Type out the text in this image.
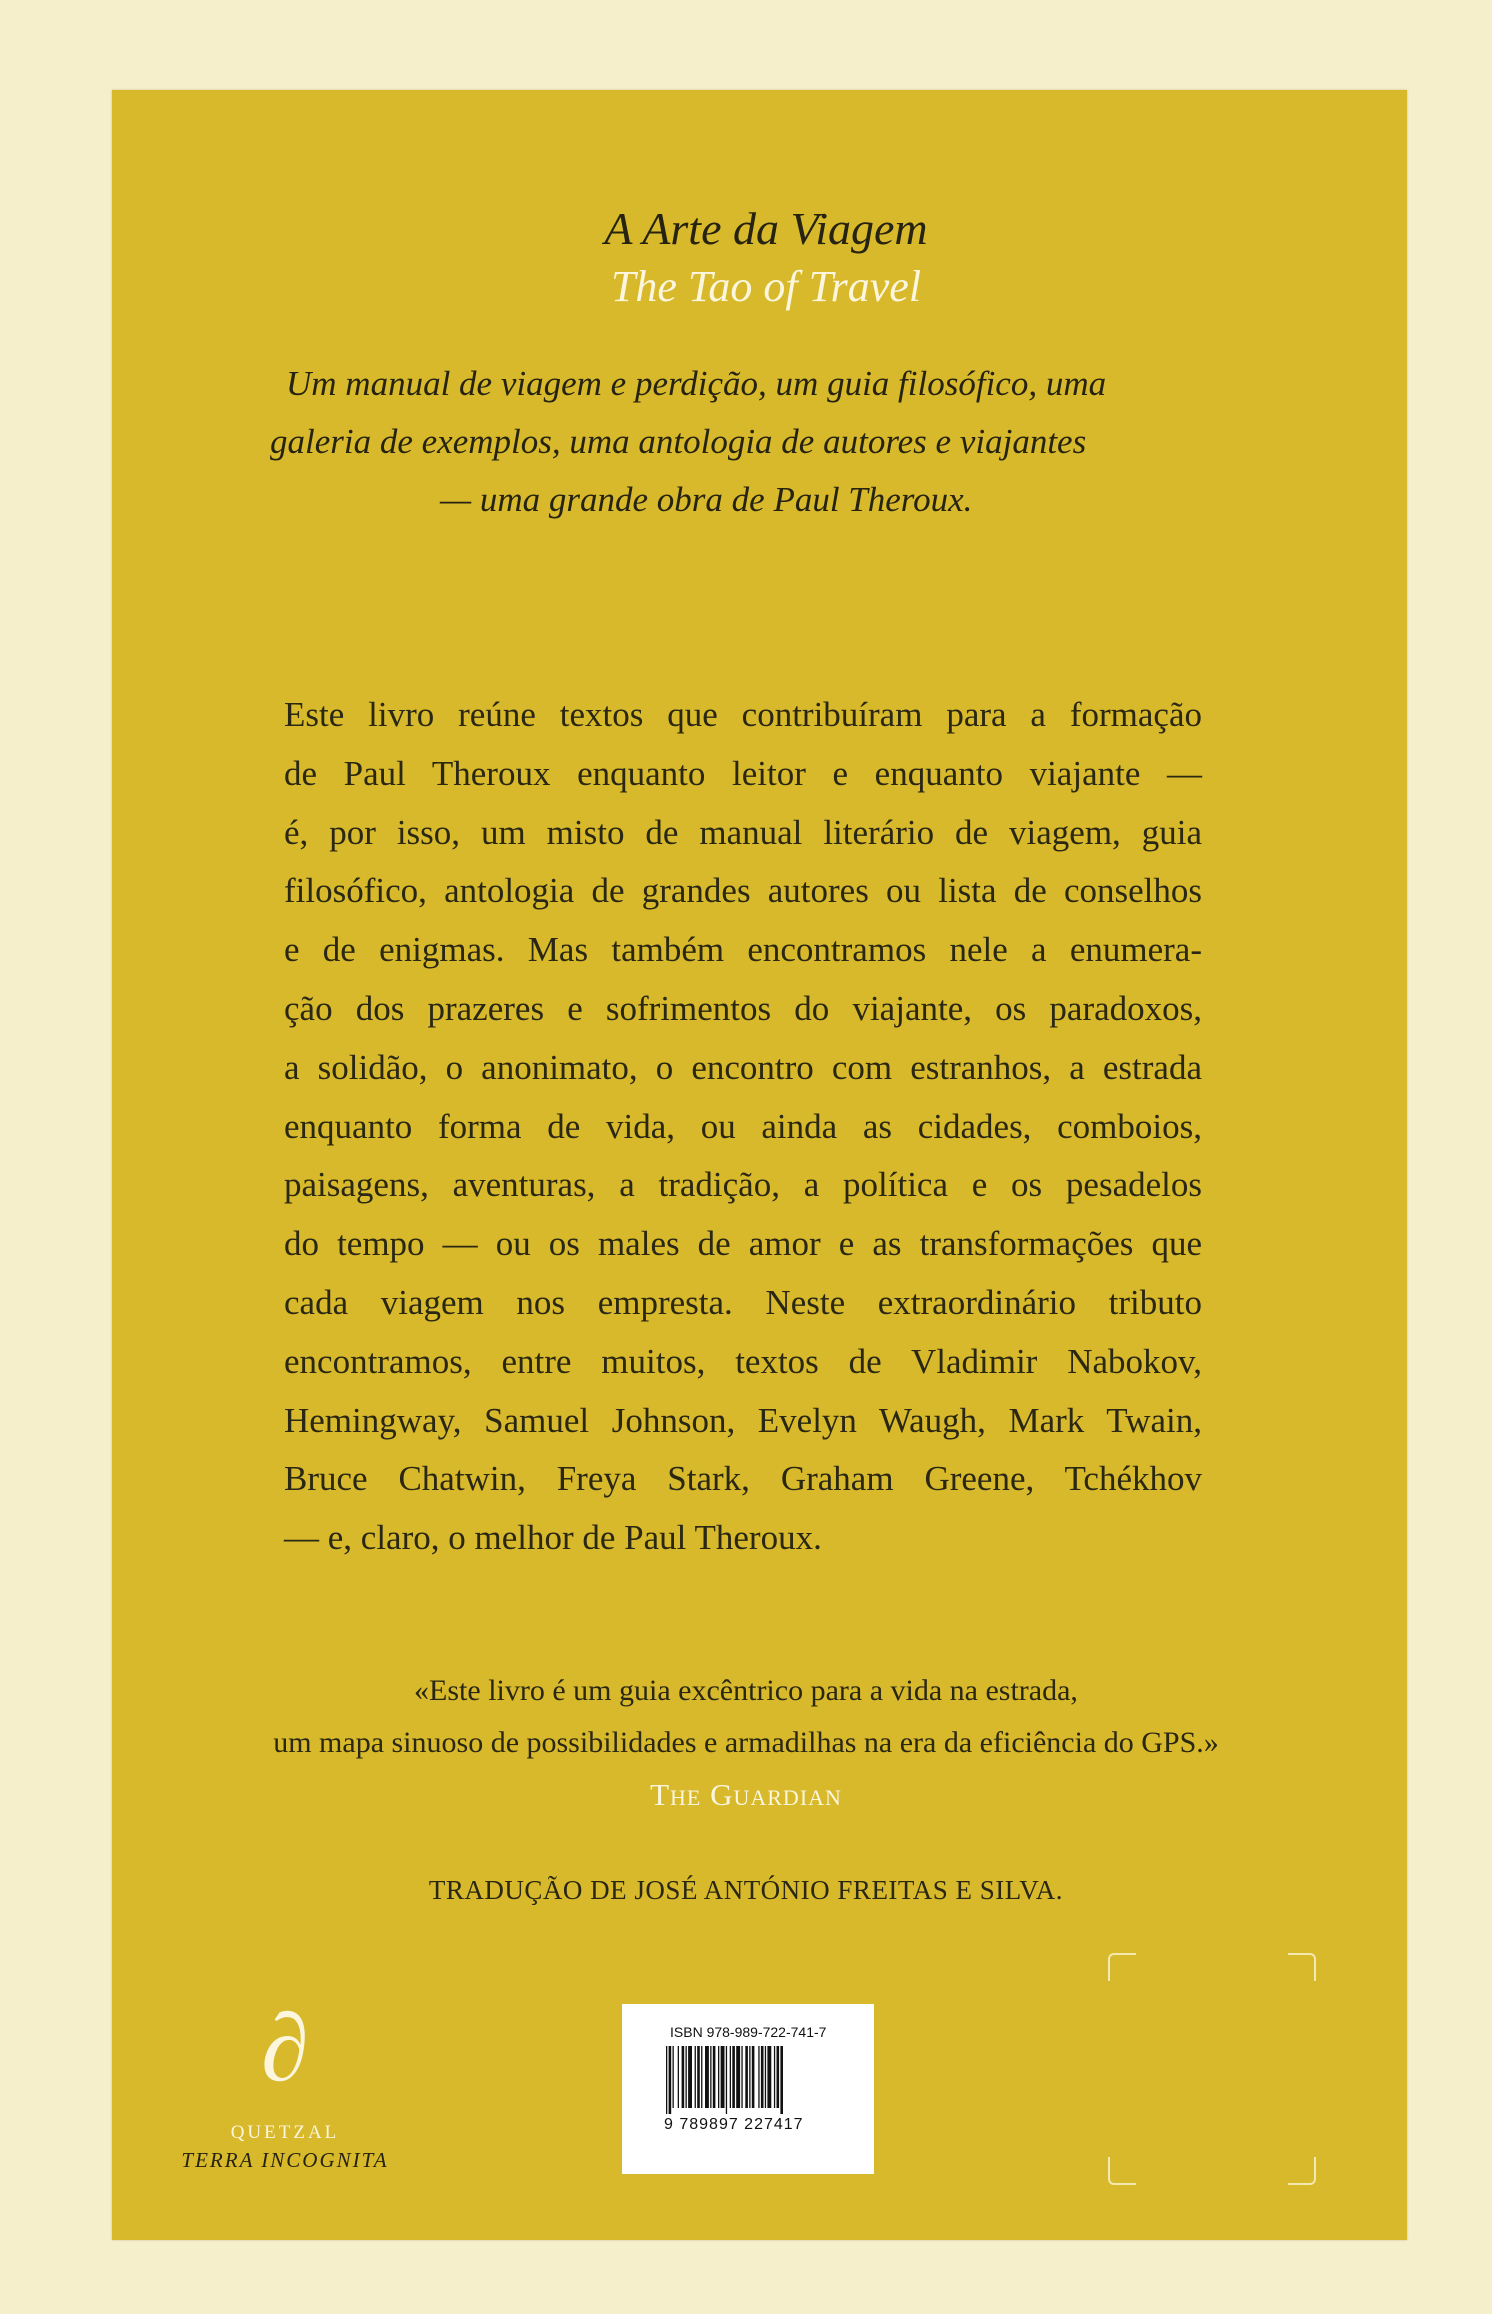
A Arte da Viagem
The Tao of Travel
Um manual de viagem e perdição, um guia filosófico, uma
galeria de exemplos, uma antologia de autores e viajantes
— uma grande obra de Paul Theroux.
Este livro reúne textos que contribuíram para a formação
de Paul Theroux enquanto leitor e enquanto viajante —
é, por isso, um misto de manual literário de viagem, guia
filosófico, antologia de grandes autores ou lista de conselhos
e de enigmas. Mas também encontramos nele a enumera-
ção dos prazeres e sofrimentos do viajante, os paradoxos,
a solidão, o anonimato, o encontro com estranhos, a estrada
enquanto forma de vida, ou ainda as cidades, comboios,
paisagens, aventuras, a tradição, a política e os pesadelos
do tempo — ou os males de amor e as transformações que
cada viagem nos empresta. Neste extraordinário tributo
encontramos, entre muitos, textos de Vladimir Nabokov,
Hemingway, Samuel Johnson, Evelyn Waugh, Mark Twain,
Bruce Chatwin, Freya Stark, Graham Greene, Tchékhov
— e, claro, o melhor de Paul Theroux.
«Este livro é um guia excêntrico para a vida na estrada,
um mapa sinuoso de possibilidades e armadilhas na era da eficiência do GPS.»
The Guardian
TRADUÇÃO DE JOSÉ ANTÓNIO FREITAS E SILVA.
∂
QUETZAL
TERRA INCOGNITA
ISBN 978-989-722-741-7
9 789897 227417
